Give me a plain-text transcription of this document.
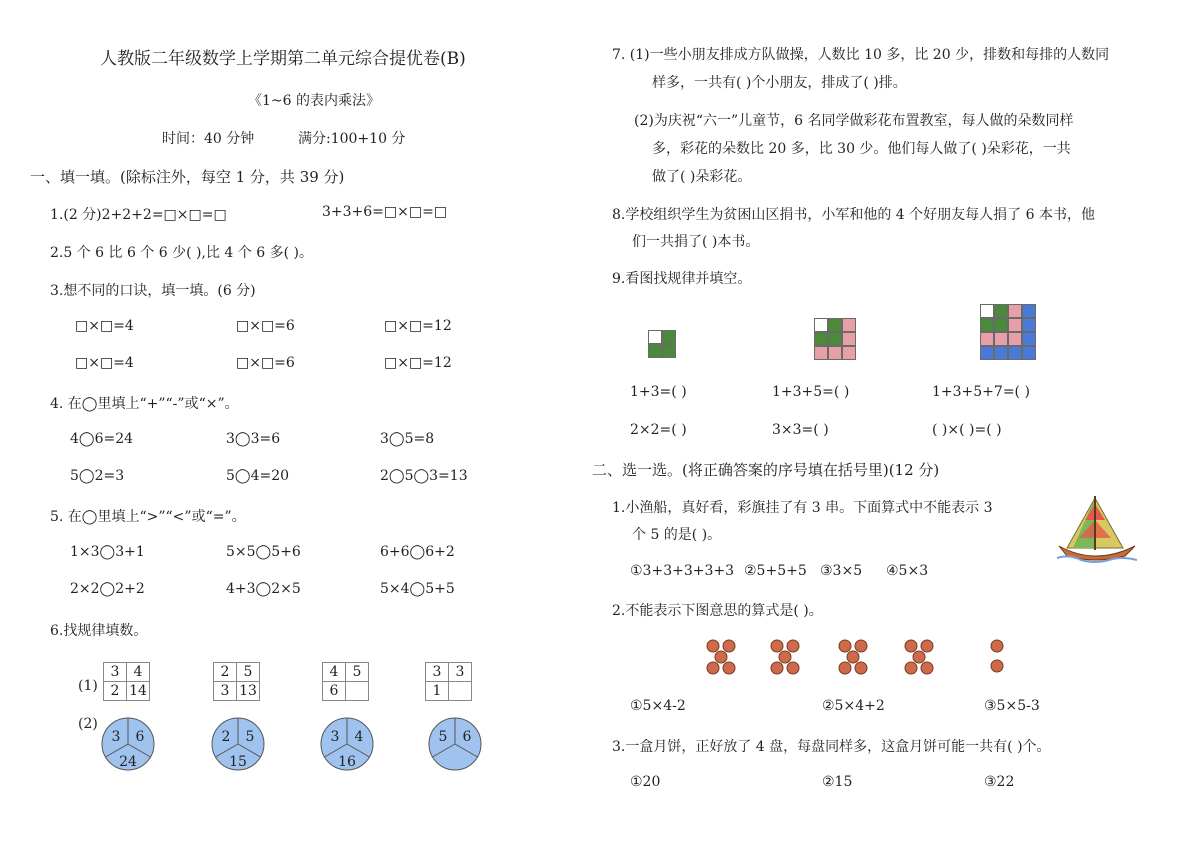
人教版二年级数学上学期第二单元综合提优卷(B)
《1~6 的表内乘法》
时间：40 分钟	满分:100+10 分
一、填一填。(除标注外，每空 1 分，共 39 分)
1.(2 分)2+2+2=□×□=□	3+3+6=□×□=□
2.5 个 6 比 6 个 6 少( ),比 4 个 6 多( )。
3.想不同的口诀，填一填。(6 分)
□×□=4	□×□=6	□×□=12
□×□=4	□×□=6	□×□=12
4. 在◯里填上“+”“-”或“×”。
4◯6=24	3◯3=6	3◯5=8
5◯2=3	5◯4=20	2◯5◯3=13
5. 在◯里填上“>”“<”或“=”。
1×3◯3+1	5×5◯5+6	6+6◯6+2
2×2◯2+2	4+3◯2×5	5×4◯5+5
6.找规律填数。
(1)
(2)
3	4
2	14
2	5
3	13
4	5
6	
3	3
1	
3 6
24
2 5
15
3 4
16
5 6
7. (1)一些小朋友排成方队做操，人数比 10 多，比 20 少，排数和每排的人数同
样多，一共有( )个小朋友，排成了( )排。
(2)为庆祝“六一”儿童节，6 名同学做彩花布置教室，每人做的朵数同样
多，彩花的朵数比 20 多，比 30 少。他们每人做了( )朵彩花，一共
做了( )朵彩花。
8.学校组织学生为贫困山区捐书，小军和他的 4 个好朋友每人捐了 6 本书，他
们一共捐了( )本书。
9.看图找规律并填空。
1+3=( )	1+3+5=( )	1+3+5+7=( )
2×2=( )	3×3=( )	( )×( )=( )
二、选一选。(将正确答案的序号填在括号里)(12 分)
1.小渔船，真好看，彩旗挂了有 3 串。下面算式中不能表示 3
个 5 的是( )。
①3+3+3+3+3 ②5+5+5 ③3×5 ④5×3
2.不能表示下图意思的算式是( )。
①5×4-2	②5×4+2	③5×5-3
3.一盒月饼，正好放了 4 盘，每盘同样多，这盒月饼可能一共有( )个。
①20	②15	③22
